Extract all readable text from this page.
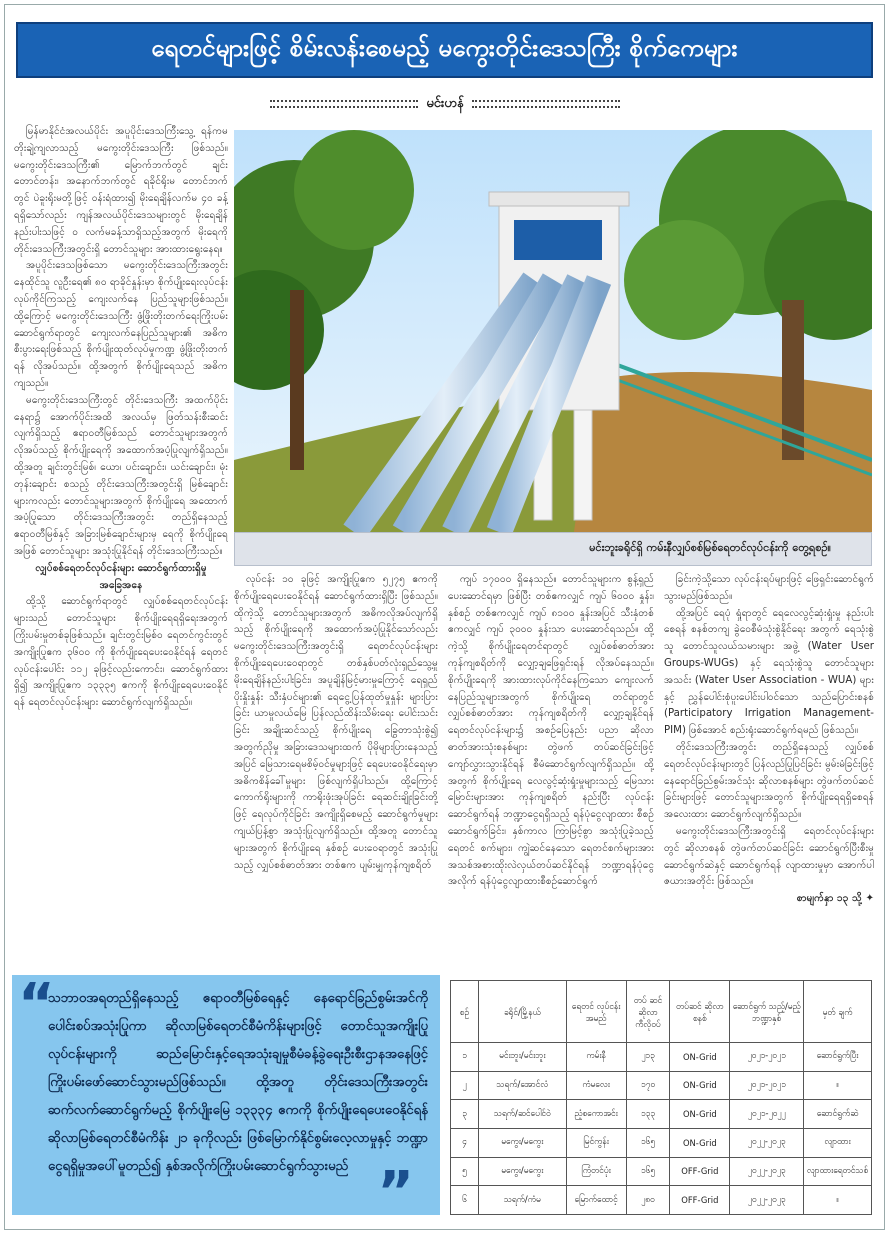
ရေတင်များဖြင့် စိမ်းလန်းစေမည့် မကွေးတိုင်းဒေသကြီး စိုက်ကေများ
မင်းဟန်

မြန်မာနိုင်ငံအလယ်ပိုင်း အပူပိုင်းဒေသကြီးသွေ့ ရန်ကမတိုးချဲ့ကျလာသည့် မကွေးတိုင်းဒေသကြီး ဖြစ်သည်။ မကွေးတိုင်းဒေသကြီး၏ မြောက်ဘက်တွင် ချင်းတောင်တန်း၊ အနောက်ဘက်တွင် ရခိုင်ရိုးမ တောင်ဘက်တွင် ပဲခူးရိုးမတို့ဖြင့် ဝန်းရံထား၍ မိုးရေချိန်လက်မ ၄၀ ခန့် ရရှိသော်လည်း ကျန်အလယ်ပိုင်းဒေသများတွင် မိုးရေချိန်နည်းပါးသဖြင့် ဝ လက်မခန့်သာရှိသည့်အတွက် မိုးရေကို တိုင်းဒေသကြီးအတွင်းရှိ တောင်သူများ အားထားရွေးနေရ။

အပူပိုင်းဒေသဖြစ်သော မကွေးတိုင်းဒေသကြီးအတွင်း နေထိုင်သူ လူဦးရေ၏ ၈၀ ရာခိုင်နှုန်းမှာ စိုက်ပျိုးရေးလုပ်ငန်း လုပ်ကိုင်ကြသည့် ကျေးလက်နေ ပြည်သူများဖြစ်သည်။ ထို့ကြောင့် မကွေးတိုင်းဒေသကြီး ဖွံ့ဖြိုးတိုးတက်ရေးကြိုးပမ်းဆောင်ရွက်ရာတွင် ကျေးလက်နေပြည်သူများ၏ အဓိကစီးပွားရေးဖြစ်သည့် စိုက်ပျိုးထုတ်လုပ်မှုကဏ္ဍ ဖွံ့ဖြိုးတိုးတက်ရန် လိုအပ်သည်။ ထို့အတွက် စိုက်ပျိုးရေသည် အဓိကကျသည်။

မကွေးတိုင်းဒေသကြီးတွင် တိုင်းဒေသကြီး အထက်ပိုင်းနေရာ၌ အောက်ပိုင်းအထိ အလယ်မှ ဖြတ်သန်းစီးဆင်းလျက်ရှိသည့် ဧရာဝတီမြစ်သည် တောင်သူများအတွက် လိုအပ်သည့် စိုက်ပျိုးရေကို အထောက်အပံ့ပြုလျက်ရှိသည်။ ထို့အတူ ချင်းတွင်းမြစ်၊ ယော၊ ပင်းချောင်း၊ ယင်းချောင်း၊ မုံးတုန်းချောင်း စသည့် တိုင်းဒေသကြီးအတွင်းရှိ မြစ်ချောင်းများကလည်း တောင်သူများအတွက် စိုက်ပျိုးရေ အထောက်အပံ့ပြုသော တိုင်းဒေသကြီးအတွင်း တည်ရှိနေသည့် ဧရာဝတီမြစ်နှင့် အခြားမြစ်ချောင်းများမှ ရေကို စိုက်ပျိုးရေအဖြစ် တောင်သူများ အသုံးပြုနိုင်ရန် တိုင်းဒေသကြီးသည်။

လျှပ်စစ်ရေတင်လုပ်ငန်းများ ဆောင်ရွက်ထားရှိမှု အခြေအနေ

ထို့သို့ ဆောင်ရွက်ရာတွင် လျှပ်စစ်ရေတင်လုပ်ငန်းများသည် တောင်သူများ စိုက်ပျိုးရေရရှိရေးအတွက် ကြိုးပမ်းမှုတစ်ခုဖြစ်သည်။ ချင်းတွင်းမြစ်ဝ ရေတင်ကွင်းတွင် အကျိုးပြုဧက ၃၆၀၀ ကို စိုက်ပျိုးရေပေးဝေနိုင်ရန် ရေတင်လုပ်ငန်းပေါင်း ၁၁၂ ခုဖြင့်လည်းကောင်း၊ ဆောင်ရွက်ထားရှိ၍ အကျိုးပြုဧက ၁၃၃၃၅ ဧကကို စိုက်ပျိုးရေပေးဝေနိုင်ရန် ရေတင်လုပ်ငန်းများ ဆောင်ရွက်လျက်ရှိသည်။

မင်းဘူးခရိုင်ရှိ ကမ်းနီလျှပ်စစ်မြစ်ရေတင်လုပ်ငန်းကို တွေ့ရစဉ်။

လုပ်ငန်း ၁၀ ခုဖြင့် အကျိုးပြုဧက ၅၂၇၅ ဧကကို စိုက်ပျိုးရေပေးဝေနိုင်ရန် ဆောင်ရွက်ထားရှိပြီး ဖြစ်သည်။ ထိုကဲ့သို့ တောင်သူများအတွက် အဓိကလိုအပ်လျက်ရှိသည့် စိုက်ပျိုးရေကို အထောက်အပံ့ပြုနိုင်သော်လည်း မကွေးတိုင်းဒေသကြီးအတွင်းရှိ ရေတင်လုပ်ငန်းများ စိုက်ပျိုးရေပေးဝေရာတွင် တစ်နှစ်ပတ်လုံးရှည်သွေ့မှု မိုးရေချိန်နည်းပါးခြင်း၊ အပူချိန်မြင့်မားမှုကြောင့် ရေရှည်ပိုးနှိုးနှုန်း သီးနှံပင်များ၏ ရေငွေ့ပြန်ထုတ်မှုနှုန်း များပြားခြင်း ယာမှုလယ်မြေ ပြန်လည်ထိန်းသိမ်းရေး ပေါင်းသင်းခြင်း အချိုးဆင်သည့် စိုက်ပျိုးရေ ခြွေတာသုံးစွဲ၍ အတွက်ညိုမှု အခြားဒေသများထက် ပိုမိုများပြားနေသည့် အပြင် မြေသားရေမစိမ့်ဝင်မှုများဖြင့် ရေပေးဝေနိုင်ရေးမှာ အဓိကစိန်ခေါ်မှုများ ဖြစ်လျက်ရှိပါသည်။ ထို့ကြောင့် ကောက်ရိုးများကို ကာရိုးဖုံးအုပ်ခြင်း ရေဆင်းချိုးခြင်းတို့ဖြင့် ရေလုပ်ကိုင်ခြင်း အကျိုးရှိစေမည့် ဆောင်ရွက်မှုများ ကျယ်ပြန့်စွာ အသုံးပြုလျက်ရှိသည်။ ထို့အတူ တောင်သူများအတွက် စိုက်ပျိုးရေ နှစ်စဉ် ပေးဝေရာတွင် အသုံးပြုသည့် လျှပ်စစ်ဓာတ်အား တစ်ဧက ပျမ်းမျှကုန်ကျစရိတ်

ကျပ် ၁၇၀၀၀ ရှိနေသည်။ တောင်သူများက စွန့်ရှည်ပေးဆောင်ရမှာ ဖြစ်ပြီး တစ်ဧကလျှင် ကျပ် ၆၀၀၀ နှုန်း၊ နှစ်စဉ် တစ်ဧကလျှင် ကျပ် ၈၁၀၀ နှုန်းအပြင် သီးနှံတစ်ဧကလျှင် ကျပ် ၃၀၀၀ နှုန်းသာ ပေးဆောင်ရသည်။ ထို့ကဲ့သို့ စိုက်ပျိုးရေတင်ရာတွင် လျှပ်စစ်ဓာတ်အား ကုန်ကျစရိတ်ကို လျှော့ချဖြေရှင်းရန် လိုအပ်နေသည်။ စိုက်ပျိုးရေကို အားထားလုပ်ကိုင်နေကြသော ကျေးလက်နေပြည်သူများအတွက် စိုက်ပျိုးရေ တင်ရာတွင် လျှပ်စစ်ဓာတ်အား ကုန်ကျစရိတ်ကို လျှော့ချနိုင်ရန် ရေတင်လုပ်ငန်းများ၌ အစဉ်ပြေနည်း ပညာ ဆိုလာဓာတ်အားသုံးစနစ်များ တွဲဖက် တပ်ဆင်ခြင်းဖြင့် ကျော်လွှားသွားနိုင်ရန် စီမံဆောင်ရွက်လျက်ရှိသည်။ ထို့အတွက် စိုက်ပျိုးရေ လေလွင့်ဆုံးရှုံးမှုများသည့် မြေသားမြောင်းများအား ကုန်ကျစရိတ် နည်းပြီး လုပ်ငန်းဆောင်ရွက်ရန် ဘဏ္ဍာငွေရရှိသည့် ရန်ပုံငွေလျာထား စီစဉ်ဆောင်ရွက်ခြင်း၊ နှစ်ကာလ ကြာမြင့်စွာ အသုံးပြုခဲ့သည့် ရေတင် စက်များ၊ ကျွဲဆင်နေသော ရေတင်စက်များအား အသစ်အစားထိုးလဲလှယ်တပ်ဆင်နိုင်ရန် ဘဏ္ဍာရန်ပုံငွေအလိုက် ရန်ပုံငွေလျာထားစီစဉ်ဆောင်ရွက်

ခြင်းကဲ့သို့သော လုပ်ငန်းရပ်များဖြင့် ဖြေရှင်းဆောင်ရွက်သွားမည်ဖြစ်သည်။

ထို့အပြင် ရေပုံ ရှုံရာတွင် ရေလေလွင့်ဆုံးရှုံးမှု နည်းပါးစေရန် စနစ်တကျ ခွဲဝေစီမံသုံးစွဲနိုင်ရေး အတွက် ရေသုံးစွဲသူ တောင်သူလယ်သမားများ အဖွဲ့ (Water User Groups-WUGs) နှင့် ရေသုံးစွဲသူ တောင်သူများအသင်း (Water User Association - WUA) များနှင့် ညွှန်ပေါင်းစုံပူးပေါင်းပါဝင်သော သည်ပြောင်းစနစ် (Participatory Irrigation Management-PIM) ဖြစ်အောင် စည်းရုံးဆောင်ရွက်ရမည် ဖြစ်သည်။

တိုင်းဒေသကြီးအတွင်း တည်ရှိနေသည့် လျှပ်စစ်ရေတင်လုပ်ငန်းများတွင် ပြန်လည်ပြုပြင်ခြင်း မွမ်းမံခြင်းဖြင့် နေရောင်ခြည်စွမ်းအင်သုံး ဆိုလာစနစ်များ တွဲဖက်တပ်ဆင်ခြင်းများဖြင့် တောင်သူများအတွက် စိုက်ပျိုးရေရရှိစေရန် အလေးထား ဆောင်ရွက်လျက်ရှိသည်။

မကွေးတိုင်းဒေသကြီးအတွင်းရှိ ရေတင်လုပ်ငန်းများတွင် ဆိုလာစနစ် တွဲဖက်တပ်ဆင်ခြင်း ဆောင်ရွက်ပြီးစီးမှု ဆောင်ရွက်ဆဲနှင့် ဆောင်ရွက်ရန် လျာထားမှုမှာ အောက်ပါဇယားအတိုင်း ဖြစ်သည်။

စာမျက်နှာ ၁၃ သို့ ✦

“

သဘာဝအရတည်ရှိနေသည့် ဧရာဝတီမြစ်ရေနှင့် နေရောင်ခြည်စွမ်းအင်ကို ပေါင်းစပ်အသုံးပြုကာ ဆိုလာမြစ်ရေတင်စီမံကိန်းများဖြင့် တောင်သူအကျိုးပြုလုပ်ငန်းများကို ဆည်မြောင်းနှင့်ရေအသုံးချမှုစီမံခန့်ခွဲရေးဦးစီးဌာနအနေဖြင့် ကြိုးပမ်းဖော်ဆောင်သွားမည်ဖြစ်သည်။ ထို့အတူ တိုင်းဒေသကြီးအတွင်း ဆက်လက်ဆောင်ရွက်မည့် စိုက်ပျိုးမြေ ၁၃၃၃၄ ဧကကို စိုက်ပျိုးရေပေးဝေနိုင်ရန် ဆိုလာမြစ်ရေတင်စီမံကိန်း ၂၁ ခုကိုလည်း ဖြစ်မြောက်နိုင်စွမ်းလေ့လာမှုနှင့် ဘဏ္ဍာငွေရရှိမှုအပေါ်မူတည်၍ နှစ်အလိုက်ကြိုးပမ်းဆောင်ရွက်သွားမည် ”
စဉ်	ခရိုင်/မြို့နယ်	ရေတင် လုပ်ငန်း အမည်	တပ် ဆင် ဆိုလာ ကီလိုဝပ်	တပ်ဆင် ဆိုလာ စနစ်	ဆောင်ရွက် သည့်/မည့် ဘဏ္ဍာနှစ်	မှတ် ချက်
၁	မင်းဘူး/မင်းဘူး	ကမ်းနီ	၂၁၃	ON-Grid	၂၀၂၁-၂၀၂၁	ဆောင်ရွက်ပြီး
၂	သရက်/အောင်လံ	ကံမလေး	၁၇၀	ON-Grid	၂၀၂၁-၂၀၂၁	။
၃	သရက်/ဆင်ပေါင်ဝဲ	ညံ့စကောအင်း	၁၃၃	ON-Grid	၂၀၂၁-၂၀၂၂	ဆောင်ရွက်ဆဲ
၄	မကွေး/မကွေး	မြင်ကွန်း	၁၆၅	ON-Grid	၂၀၂၂-၂၀၂၃	လျာထား
၅	မကွေး/မကွေး	ကြံတင်ပုံး	၁၆၅	OFF-Grid	၂၀၂၂-၂၀၂၃	လျာထားရေတင်သစ်
၆	သရက်/ကံမ	မြောက်ထောင့်	၂၈၀	OFF-Grid	၂၀၂၂-၂၀၂၃	။
